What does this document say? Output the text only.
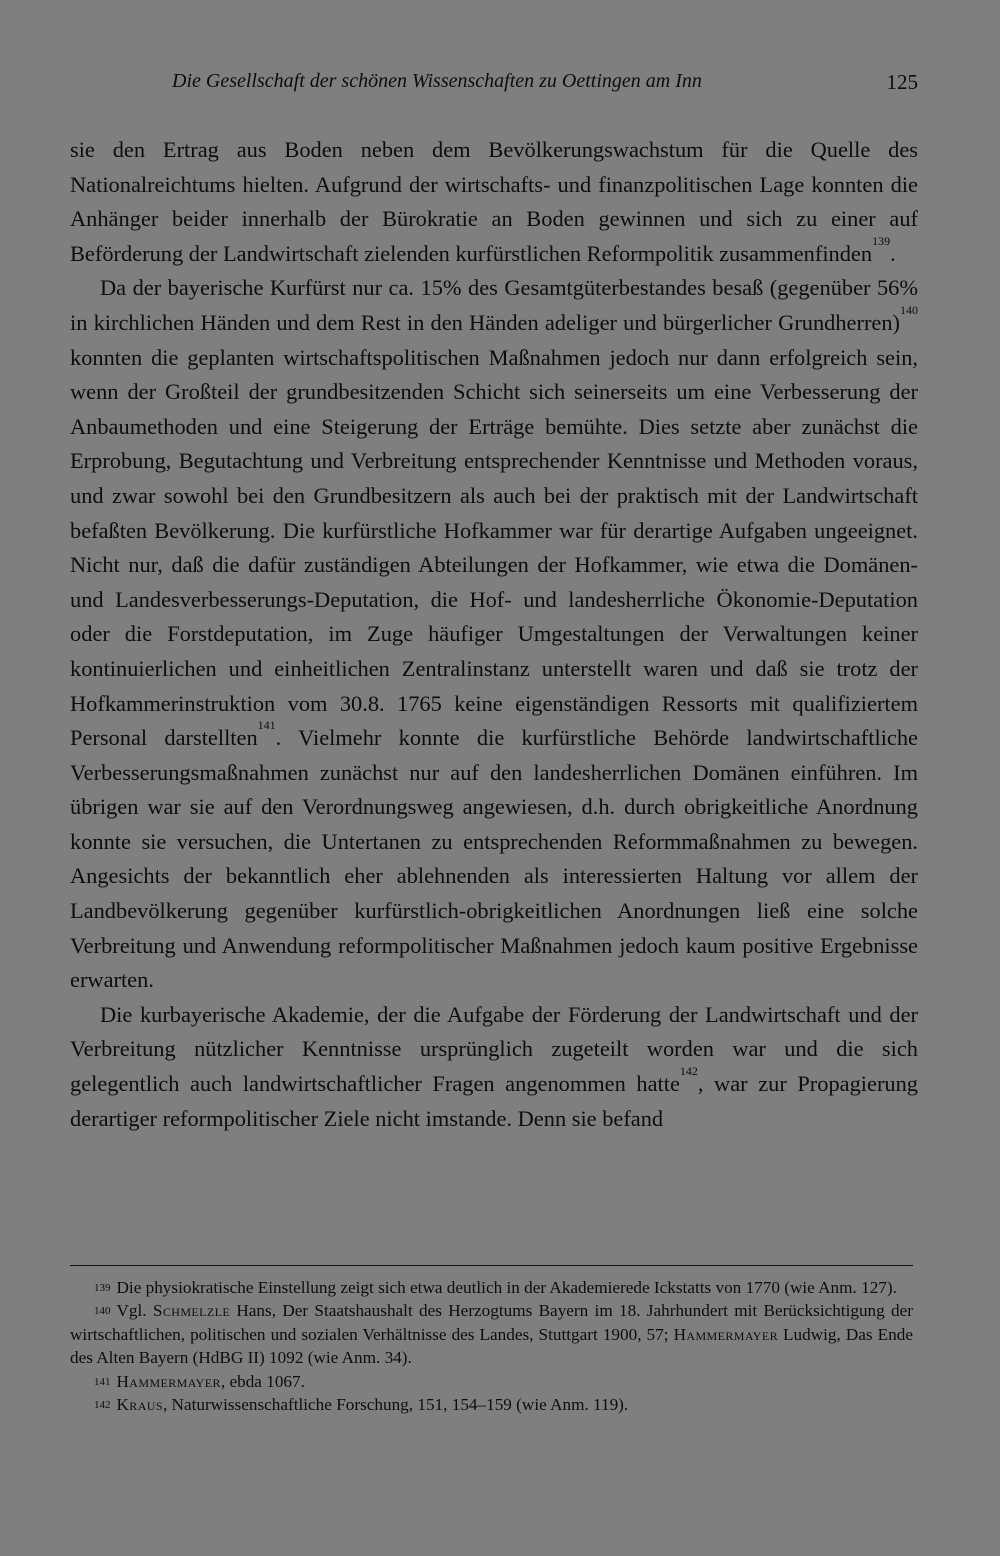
Die Gesellschaft der schönen Wissenschaften zu Oettingen am Inn	125

sie den Ertrag aus Boden neben dem Bevölkerungswachstum für die Quelle des Nationalreichtums hielten. Aufgrund der wirtschafts- und finanzpolitischen Lage konnten die Anhänger beider innerhalb der Bürokratie an Boden gewinnen und sich zu einer auf Beförderung der Landwirtschaft zielenden kurfürstlichen Reformpolitik zusammenfinden$^{139}$.

Da der bayerische Kurfürst nur ca. 15% des Gesamtgüterbestandes besaß (gegenüber 56% in kirchlichen Händen und dem Rest in den Händen adeliger und bürgerlicher Grundherren)$^{140}$ konnten die geplanten wirtschaftspolitischen Maßnahmen jedoch nur dann erfolgreich sein, wenn der Großteil der grundbesitzenden Schicht sich seinerseits um eine Verbesserung der Anbaumethoden und eine Steigerung der Erträge bemühte. Dies setzte aber zunächst die Erprobung, Begutachtung und Verbreitung entsprechender Kenntnisse und Methoden voraus, und zwar sowohl bei den Grundbesitzern als auch bei der praktisch mit der Landwirtschaft befaßten Bevölkerung. Die kurfürstliche Hofkammer war für derartige Aufgaben ungeeignet. Nicht nur, daß die dafür zuständigen Abteilungen der Hofkammer, wie etwa die Domänen- und Landesverbesserungs-Deputation, die Hof- und landesherrliche Ökonomie-Deputation oder die Forstdeputation, im Zuge häufiger Umgestaltungen der Verwaltungen keiner kontinuierlichen und einheitlichen Zentralinstanz unterstellt waren und daß sie trotz der Hofkammerinstruktion vom 30.8. 1765 keine eigenständigen Ressorts mit qualifiziertem Personal darstellten$^{141}$. Vielmehr konnte die kurfürstliche Behörde landwirtschaftliche Verbesserungsmaßnahmen zunächst nur auf den landesherrlichen Domänen einführen. Im übrigen war sie auf den Verordnungsweg angewiesen, d.h. durch obrigkeitliche Anordnung konnte sie versuchen, die Untertanen zu entsprechenden Reformmaßnahmen zu bewegen. Angesichts der bekanntlich eher ablehnenden als interessierten Haltung vor allem der Landbevölkerung gegenüber kurfürstlich-obrigkeitlichen Anordnungen ließ eine solche Verbreitung und Anwendung reformpolitischer Maßnahmen jedoch kaum positive Ergebnisse erwarten.

Die kurbayerische Akademie, der die Aufgabe der Förderung der Landwirtschaft und der Verbreitung nützlicher Kenntnisse ursprünglich zugeteilt worden war und die sich gelegentlich auch landwirtschaftlicher Fragen angenommen hatte$^{142}$, war zur Propagierung derartiger reformpolitischer Ziele nicht imstande. Denn sie befand

$^{139}$ Die physiokratische Einstellung zeigt sich etwa deutlich in der Akademierede Ickstatts von 1770 (wie Anm. 127).

$^{140}$ Vgl. Schmelzle Hans, Der Staatshaushalt des Herzogtums Bayern im 18. Jahrhundert mit Berücksichtigung der wirtschaftlichen, politischen und sozialen Verhältnisse des Landes, Stuttgart 1900, 57; Hammermayer Ludwig, Das Ende des Alten Bayern (HdBG II) 1092 (wie Anm. 34).

$^{141}$ Hammermayer, ebda 1067.

$^{142}$ Kraus, Naturwissenschaftliche Forschung, 151, 154–159 (wie Anm. 119).
